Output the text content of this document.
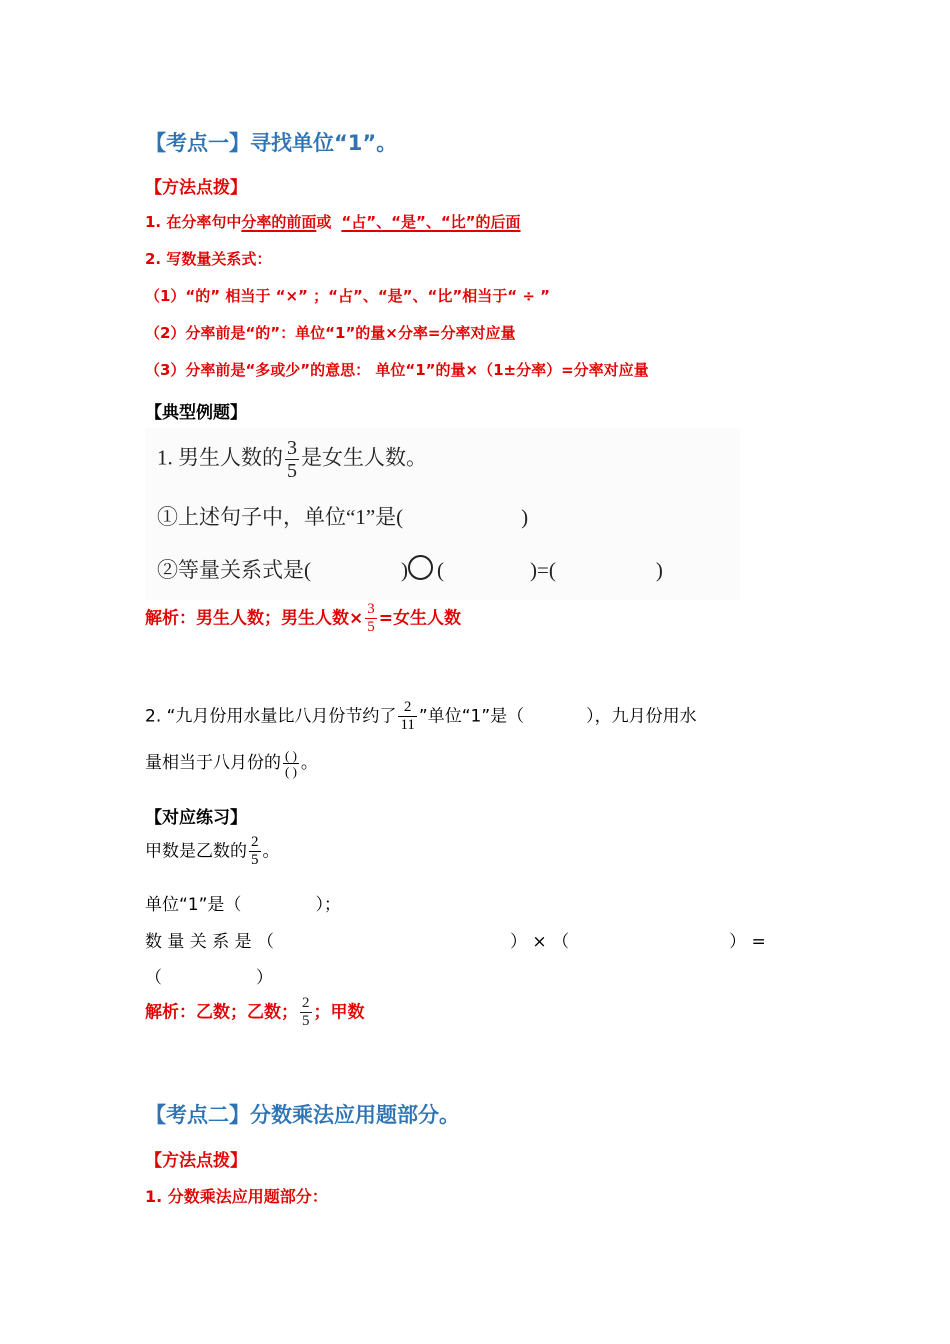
【考点一】寻找单位“1”。
【方法点拨】
1. 在分率句中分率的前面或 “占”、“是”、“比”的后面
2. 写数量关系式：
（1）“的” 相当于 “×” ；“占”、“是”、“比”相当于“ ÷ ”
（2）分率前是“的”：单位“1”的量×分率=分率对应量
（3）分率前是“多或少”的意思： 单位“1”的量×（1±分率）=分率对应量
【典型例题】
1. 男生人数的 $\frac{3}{5}$ 是女生人数。
①上述句子中，单位“1”是(	)
②等量关系式是(	) (	)=(	)
解析：男生人数；男生人数× $\frac{3}{5}$ =女生人数
2. “九月份用水量比八月份节约了 $\frac{2}{11}$ ”单位“1”是（	），九月份用水
量相当于八月份的 $\frac{( )}{( )}$ 。
【对应练习】
甲数是乙数的 $\frac{2}{5}$ 。
单位“1”是（	）；
数 量 关 系 是 （	） × （	） =
（	）
解析：乙数；乙数； $\frac{2}{5}$ ；甲数
【考点二】分数乘法应用题部分。
【方法点拨】
1. 分数乘法应用题部分：
